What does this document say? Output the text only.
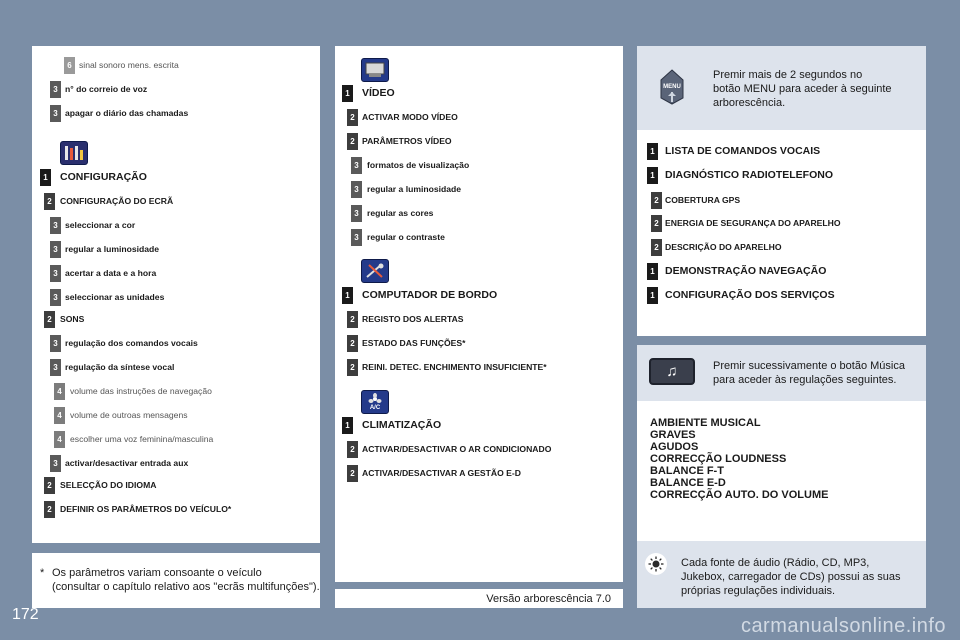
6 sinal sonoro mens. escrita
3 n° do correio de voz
3 apagar o diário das chamadas
1	CONFIGURAÇÃO
2 CONFIGURAÇÃO DO ECRÃ
3 seleccionar a cor
3 regular a luminosidade
3 acertar a data e a hora
3 seleccionar as unidades
2 SONS
3 regulação dos comandos vocais
3 regulação da síntese vocal
4 volume das instruções de navegação
4 volume de outroas mensagens
4 escolher uma voz feminina/masculina
3 activar/desactivar entrada aux
2 SELECÇÃO DO IDIOMA
2 DEFINIR OS PARÂMETROS DO VEÍCULO*
* Os parâmetros variam consoante o veículo
(consultar o capítulo relativo aos "ecrãs multifunções").
1	VÍDEO
2 ACTIVAR MODO VÍDEO
2 PARÂMETROS VÍDEO
3 formatos de visualização
3 regular a luminosidade
3 regular as cores
3 regular o contraste
1	COMPUTADOR DE BORDO
2 REGISTO DOS ALERTAS
2 ESTADO DAS FUNÇÕES*
2 REINI. DETEC. ENCHIMENTO INSUFICIENTE*
1	CLIMATIZAÇÃO
2 ACTIVAR/DESACTIVAR O AR CONDICIONADO
2 ACTIVAR/DESACTIVAR A GESTÃO E-D
A/C
Versão arborescência 7.0
MENU
Premir mais de 2 segundos no
botão MENU para aceder à seguinte
arborescência.
1 LISTA DE COMANDOS VOCAIS
1 DIAGNÓSTICO RADIOTELEFONO
2 COBERTURA GPS
2 ENERGIA DE SEGURANÇA DO APARELHO
2 DESCRIÇÃO DO APARELHO
1 DEMONSTRAÇÃO NAVEGAÇÃO
1 CONFIGURAÇÃO DOS SERVIÇOS
♫	Premir sucessivamente o botão Música
para aceder às regulações seguintes.
AMBIENTE MUSICAL
GRAVES
AGUDOS
CORRECÇÃO LOUDNESS
BALANCE F-T
BALANCE E-D
CORRECÇÃO AUTO. DO VOLUME
Cada fonte de áudio (Rádio, CD, MP3,
Jukebox, carregador de CDs) possui as suas
próprias regulações individuais.
172
carmanualsonline.info
